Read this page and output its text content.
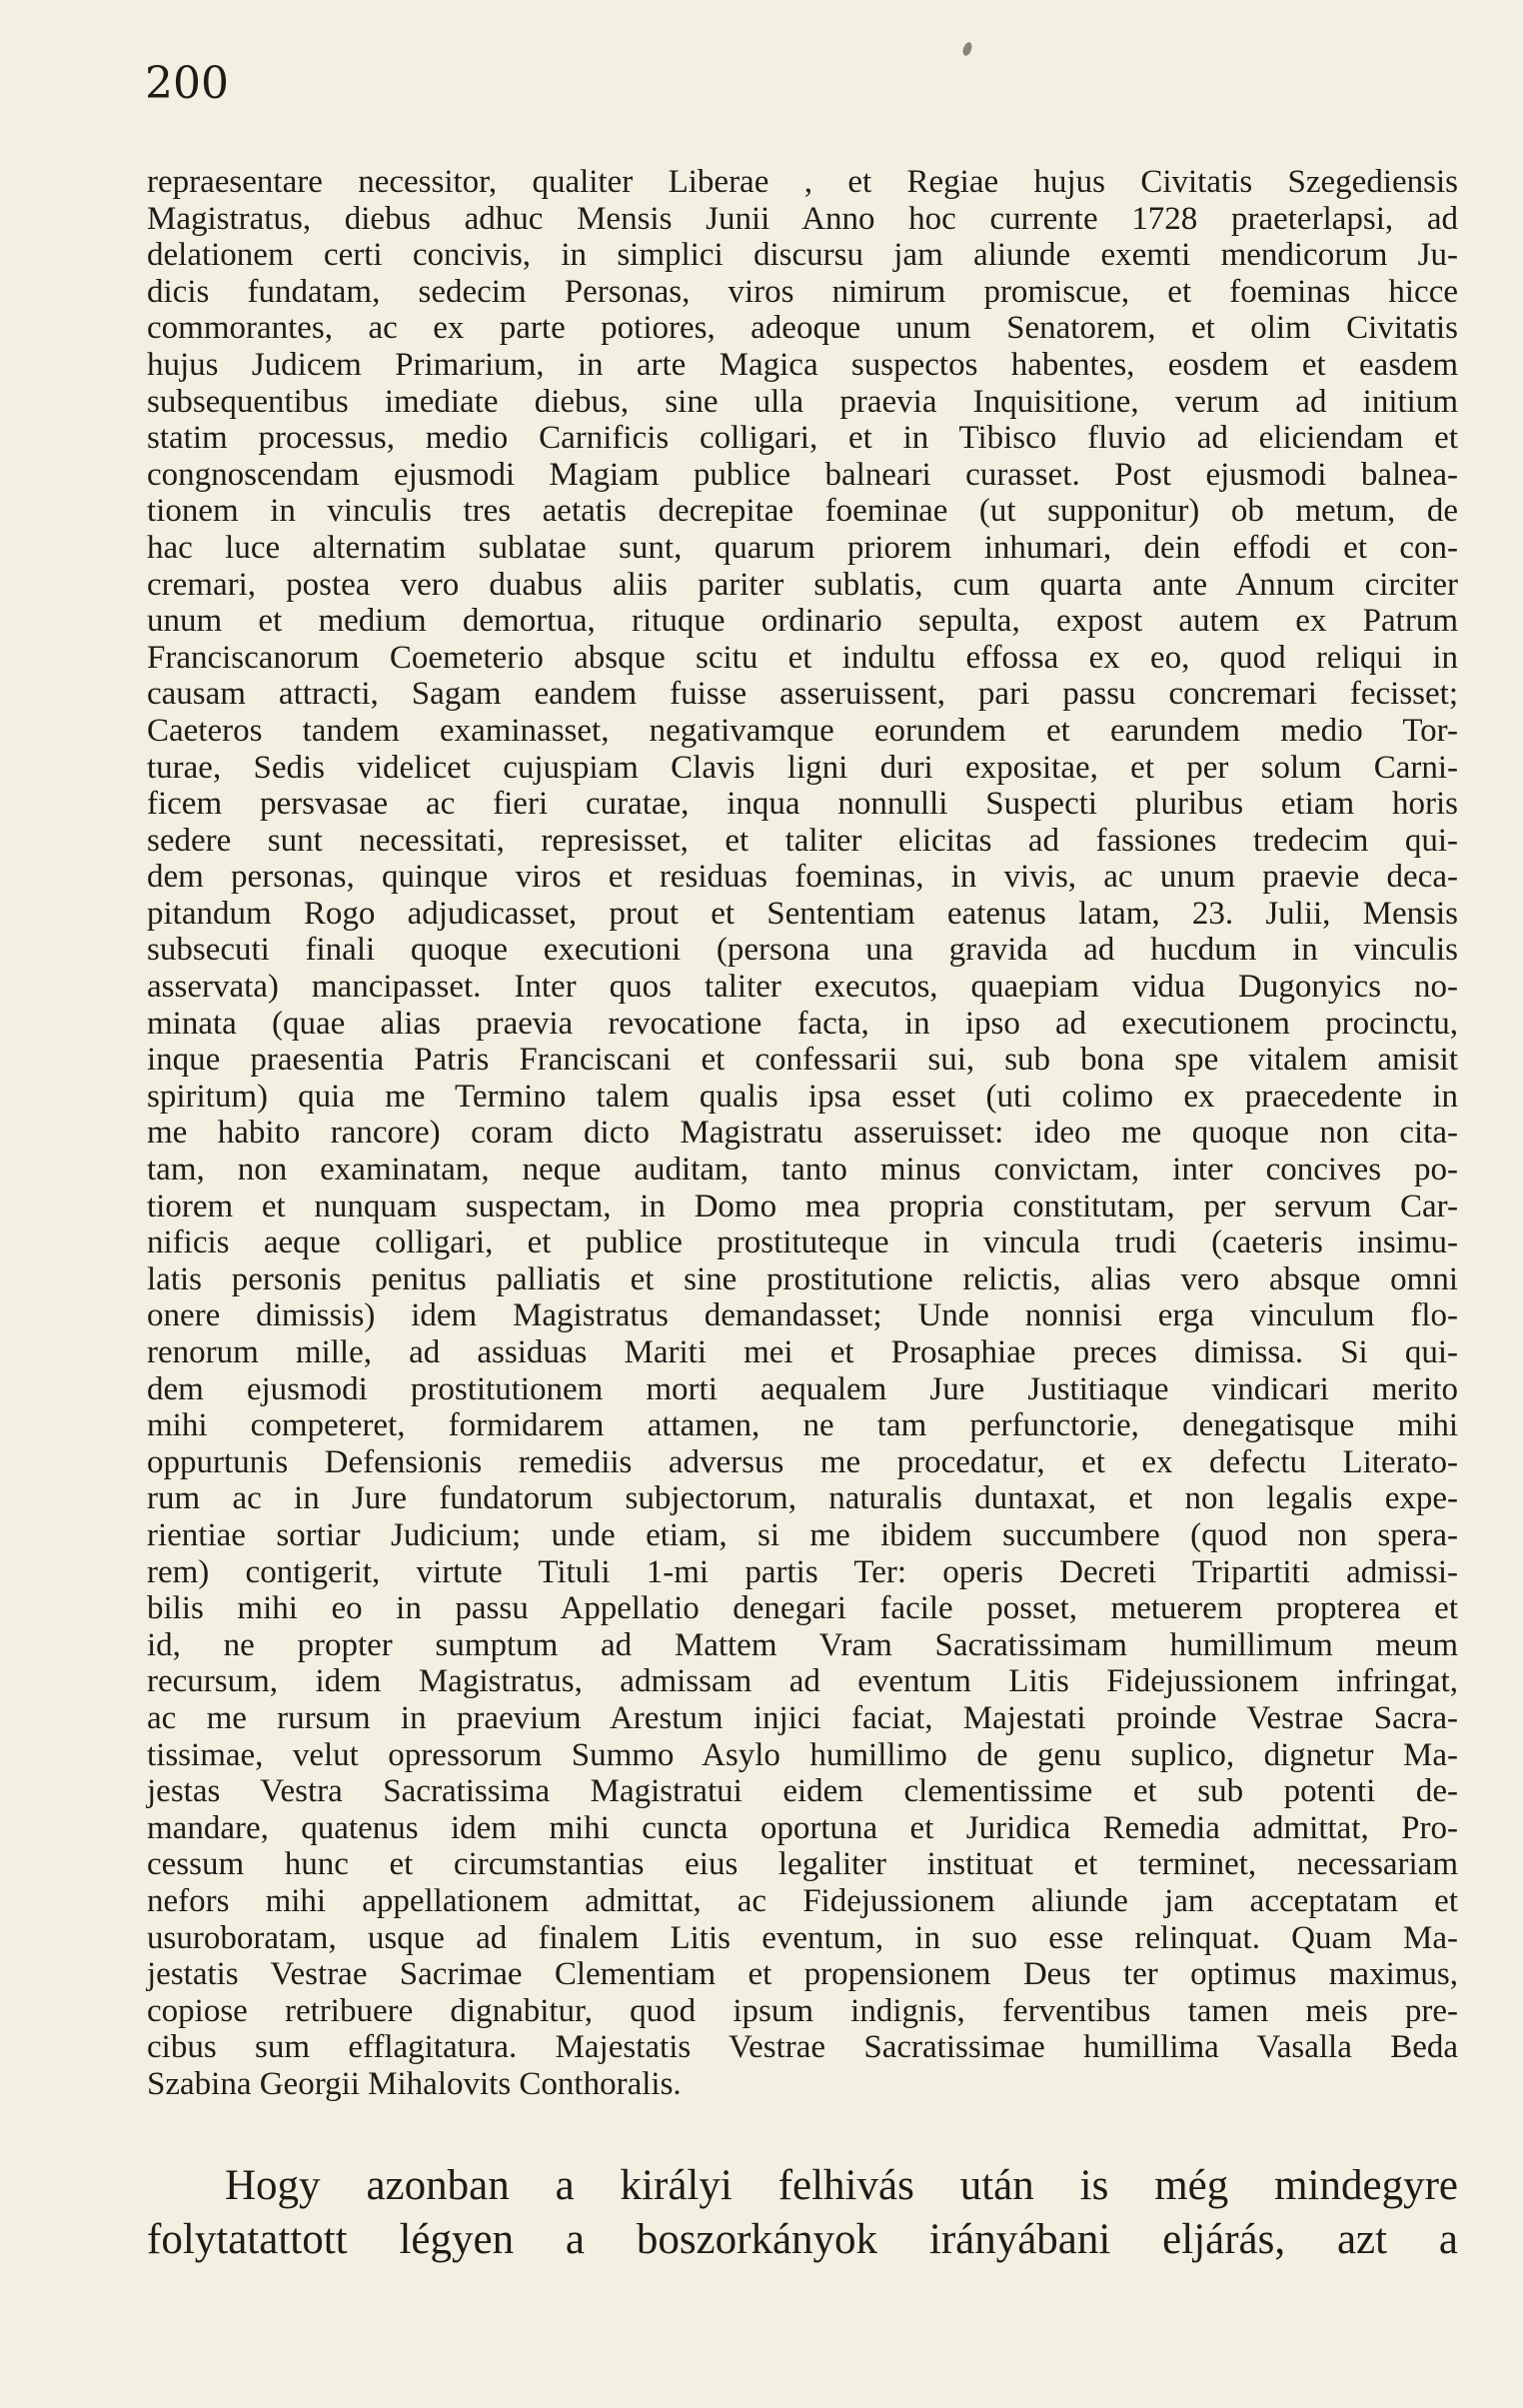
200

repraesentare necessitor, qualiter Liberae , et Regiae hujus Civitatis Szegediensis
Magistratus, diebus adhuc Mensis Junii Anno hoc currente 1728 praeterlapsi, ad
delationem certi concivis, in simplici discursu jam aliunde exemti mendicorum Ju-
dicis fundatam, sedecim Personas, viros nimirum promiscue, et foeminas hicce
commorantes, ac ex parte potiores, adeoque unum Senatorem, et olim Civitatis
hujus Judicem Primarium, in arte Magica suspectos habentes, eosdem et easdem
subsequentibus imediate diebus, sine ulla praevia Inquisitione, verum ad initium
statim processus, medio Carnificis colligari, et in Tibisco fluvio ad eliciendam et
congnoscendam ejusmodi Magiam publice balneari curasset. Post ejusmodi balnea-
tionem in vinculis tres aetatis decrepitae foeminae (ut supponitur) ob metum, de
hac luce alternatim sublatae sunt, quarum priorem inhumari, dein effodi et con-
cremari, postea vero duabus aliis pariter sublatis, cum quarta ante Annum circiter
unum et medium demortua, rituque ordinario sepulta, expost autem ex Patrum
Franciscanorum Coemeterio absque scitu et indultu effossa ex eo, quod reliqui in
causam attracti, Sagam eandem fuisse asseruissent, pari passu concremari fecisset;
Caeteros tandem examinasset, negativamque eorundem et earundem medio Tor-
turae, Sedis videlicet cujuspiam Clavis ligni duri expositae, et per solum Carni-
ficem persvasae ac fieri curatae, inqua nonnulli Suspecti pluribus etiam horis
sedere sunt necessitati, represisset, et taliter elicitas ad fassiones tredecim qui-
dem personas, quinque viros et residuas foeminas, in vivis, ac unum praevie deca-
pitandum Rogo adjudicasset, prout et Sententiam eatenus latam, 23. Julii, Mensis
subsecuti finali quoque executioni (persona una gravida ad hucdum in vinculis
asservata) mancipasset. Inter quos taliter executos, quaepiam vidua Dugonyics no-
minata (quae alias praevia revocatione facta, in ipso ad executionem procinctu,
inque praesentia Patris Franciscani et confessarii sui, sub bona spe vitalem amisit
spiritum) quia me Termino talem qualis ipsa esset (uti colimo ex praecedente in
me habito rancore) coram dicto Magistratu asseruisset: ideo me quoque non cita-
tam, non examinatam, neque auditam, tanto minus convictam, inter concives po-
tiorem et nunquam suspectam, in Domo mea propria constitutam, per servum Car-
nificis aeque colligari, et publice prostituteque in vincula trudi (caeteris insimu-
latis personis penitus palliatis et sine prostitutione relictis, alias vero absque omni
onere dimissis) idem Magistratus demandasset; Unde nonnisi erga vinculum flo-
renorum mille, ad assiduas Mariti mei et Prosaphiae preces dimissa. Si qui-
dem ejusmodi prostitutionem morti aequalem Jure Justitiaque vindicari merito
mihi competeret, formidarem attamen, ne tam perfunctorie, denegatisque mihi
oppurtunis Defensionis remediis adversus me procedatur, et ex defectu Literato-
rum ac in Jure fundatorum subjectorum, naturalis duntaxat, et non legalis expe-
rientiae sortiar Judicium; unde etiam, si me ibidem succumbere (quod non spera-
rem) contigerit, virtute Tituli 1-mi partis Ter: operis Decreti Tripartiti admissi-
bilis mihi eo in passu Appellatio denegari facile posset, metuerem propterea et
id, ne propter sumptum ad Mattem Vram Sacratissimam humillimum meum
recursum, idem Magistratus, admissam ad eventum Litis Fidejussionem infringat,
ac me rursum in praevium Arestum injici faciat, Majestati proinde Vestrae Sacra-
tissimae, velut opressorum Summo Asylo humillimo de genu suplico, dignetur Ma-
jestas Vestra Sacratissima Magistratui eidem clementissime et sub potenti de-
mandare, quatenus idem mihi cuncta oportuna et Juridica Remedia admittat, Pro-
cessum hunc et circumstantias eius legaliter instituat et terminet, necessariam
nefors mihi appellationem admittat, ac Fidejussionem aliunde jam acceptatam et
usuroboratam, usque ad finalem Litis eventum, in suo esse relinquat. Quam Ma-
jestatis Vestrae Sacrimae Clementiam et propensionem Deus ter optimus maximus,
copiose retribuere dignabitur, quod ipsum indignis, ferventibus tamen meis pre-
cibus sum efflagitatura. Majestatis Vestrae Sacratissimae humillima Vasalla Beda
Szabina Georgii Mihalovits Conthoralis.
Hogy azonban a királyi felhivás után is még mindegyre
folytatattott légyen a boszorkányok irányábani eljárás, azt a
